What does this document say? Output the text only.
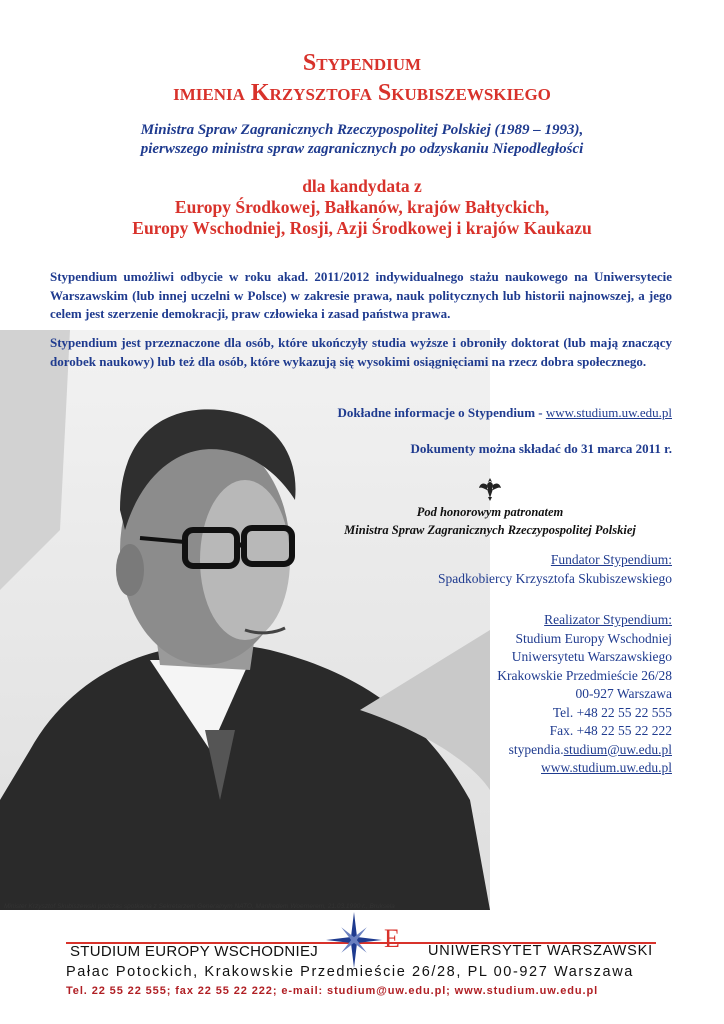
Minister Krzysztof Skubiszewski podczas spotkania z Sekretarzem Generalnym NATO, Manfredem Woernerem, 21.03.1990 r., Bruksela
Stypendium
imienia Krzysztofa Skubiszewskiego
Ministra Spraw Zagranicznych Rzeczypospolitej Polskiej (1989 – 1993),
pierwszego ministra spraw zagranicznych po odzyskaniu Niepodległości
dla kandydata z
Europy Środkowej, Bałkanów, krajów Bałtyckich,
Europy Wschodniej, Rosji, Azji Środkowej i krajów Kaukazu
Stypendium umożliwi odbycie w roku akad. 2011/2012 indywidualnego stażu naukowego na Uniwersytecie Warszawskim (lub innej uczelni w Polsce) w zakresie prawa, nauk politycznych lub historii najnowszej, a jego celem jest szerzenie demokracji, praw człowieka i zasad państwa prawa.
Stypendium jest przeznaczone dla osób, które ukończyły studia wyższe i obroniły doktorat (lub mają znaczący dorobek naukowy) lub też dla osób, które wykazują się wysokimi osiągnięciami na rzecz dobra społecznego.
Dokładne informacje o Stypendium - www.studium.uw.edu.pl
Dokumenty można składać do 31 marca 2011 r.
Pod honorowym patronatem
Ministra Spraw Zagranicznych Rzeczypospolitej Polskiej
Fundator Stypendium:
Spadkobiercy Krzysztofa Skubiszewskiego
Realizator Stypendium:
Studium Europy Wschodniej
Uniwersytetu Warszawskiego
Krakowskie Przedmieście 26/28
00-927 Warszawa
Tel. +48 22 55 22 555
Fax. +48 22 55 22 222
stypendia.studium@uw.edu.pl
www.studium.uw.edu.pl
E
STUDIUM EUROPY WSCHODNIEJ	UNIWERSYTET WARSZAWSKI
Pałac Potockich, Krakowskie Przedmieście 26/28, PL 00-927 Warszawa
Tel. 22 55 22 555; fax 22 55 22 222; e-mail: studium@uw.edu.pl; www.studium.uw.edu.pl
